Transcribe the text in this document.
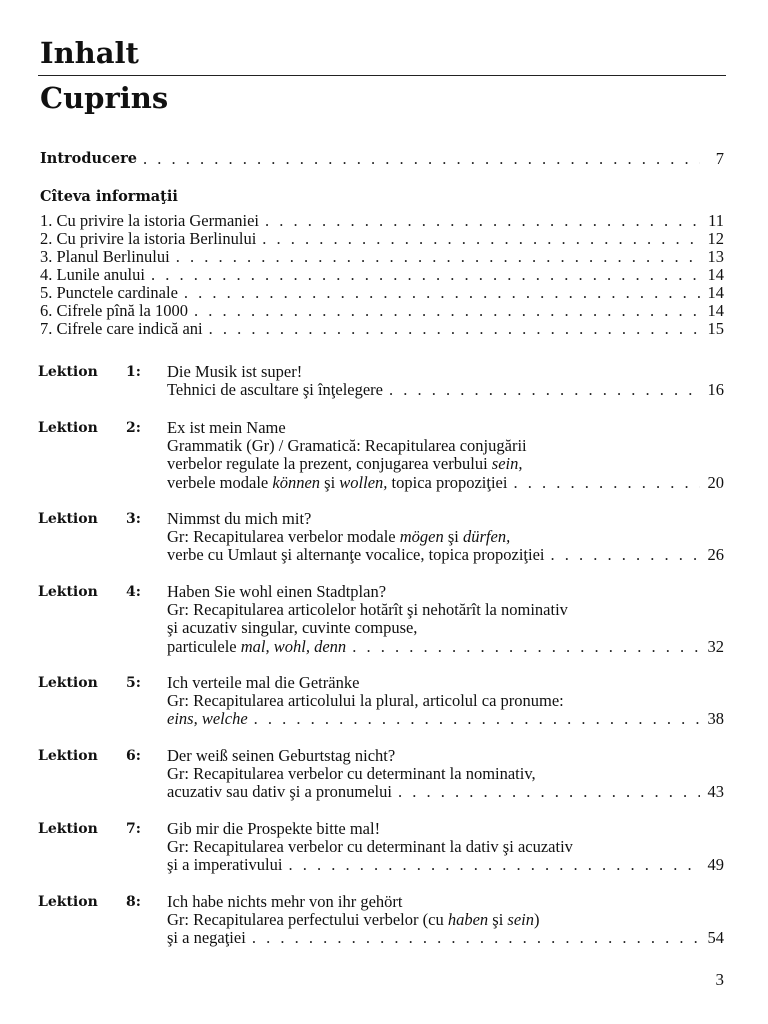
Inhalt
Cuprins
Introducere . . .	7
Cîteva informaţii
1. Cu privire la istoria Germaniei . . .	11
2. Cu privire la istoria Berlinului . . .	12
3. Planul Berlinului . . .	13
4. Lunile anului . . .	14
5. Punctele cardinale . . .	14
6. Cifrele pînă la 1000 . . .	14
7. Cifrele care indică ani . . .	15
Lektion 1: Die Musik ist super!
Tehnici de ascultare şi înţelegere . . .	16
Lektion 2: Ex ist mein Name
Grammatik (Gr) / Gramatică: Recapitularea conjugării
verbelor regulate la prezent, conjugarea verbului sein,
verbele modale können şi wollen, topica propoziţiei . . .	20
Lektion 3: Nimmst du mich mit?
Gr: Recapitularea verbelor modale mögen şi dürfen,
verbe cu Umlaut şi alternanţe vocalice, topica propoziţiei . . .	26
Lektion 4: Haben Sie wohl einen Stadtplan?
Gr: Recapitularea articolelor hotărît şi nehotărît la nominativ
şi acuzativ singular, cuvinte compuse,
particulele mal, wohl, denn . . .	32
Lektion 5: Ich verteile mal die Getränke
Gr: Recapitularea articolului la plural, articolul ca pronume:
eins, welche . . .	38
Lektion 6: Der weiß seinen Geburtstag nicht?
Gr: Recapitularea verbelor cu determinant la nominativ,
acuzativ sau dativ şi a pronumelui . . .	43
Lektion 7: Gib mir die Prospekte bitte mal!
Gr: Recapitularea verbelor cu determinant la dativ şi acuzativ
şi a imperativului . . .	49
Lektion 8: Ich habe nichts mehr von ihr gehört
Gr: Recapitularea perfectului verbelor (cu haben şi sein)
şi a negaţiei . . .	54
3
